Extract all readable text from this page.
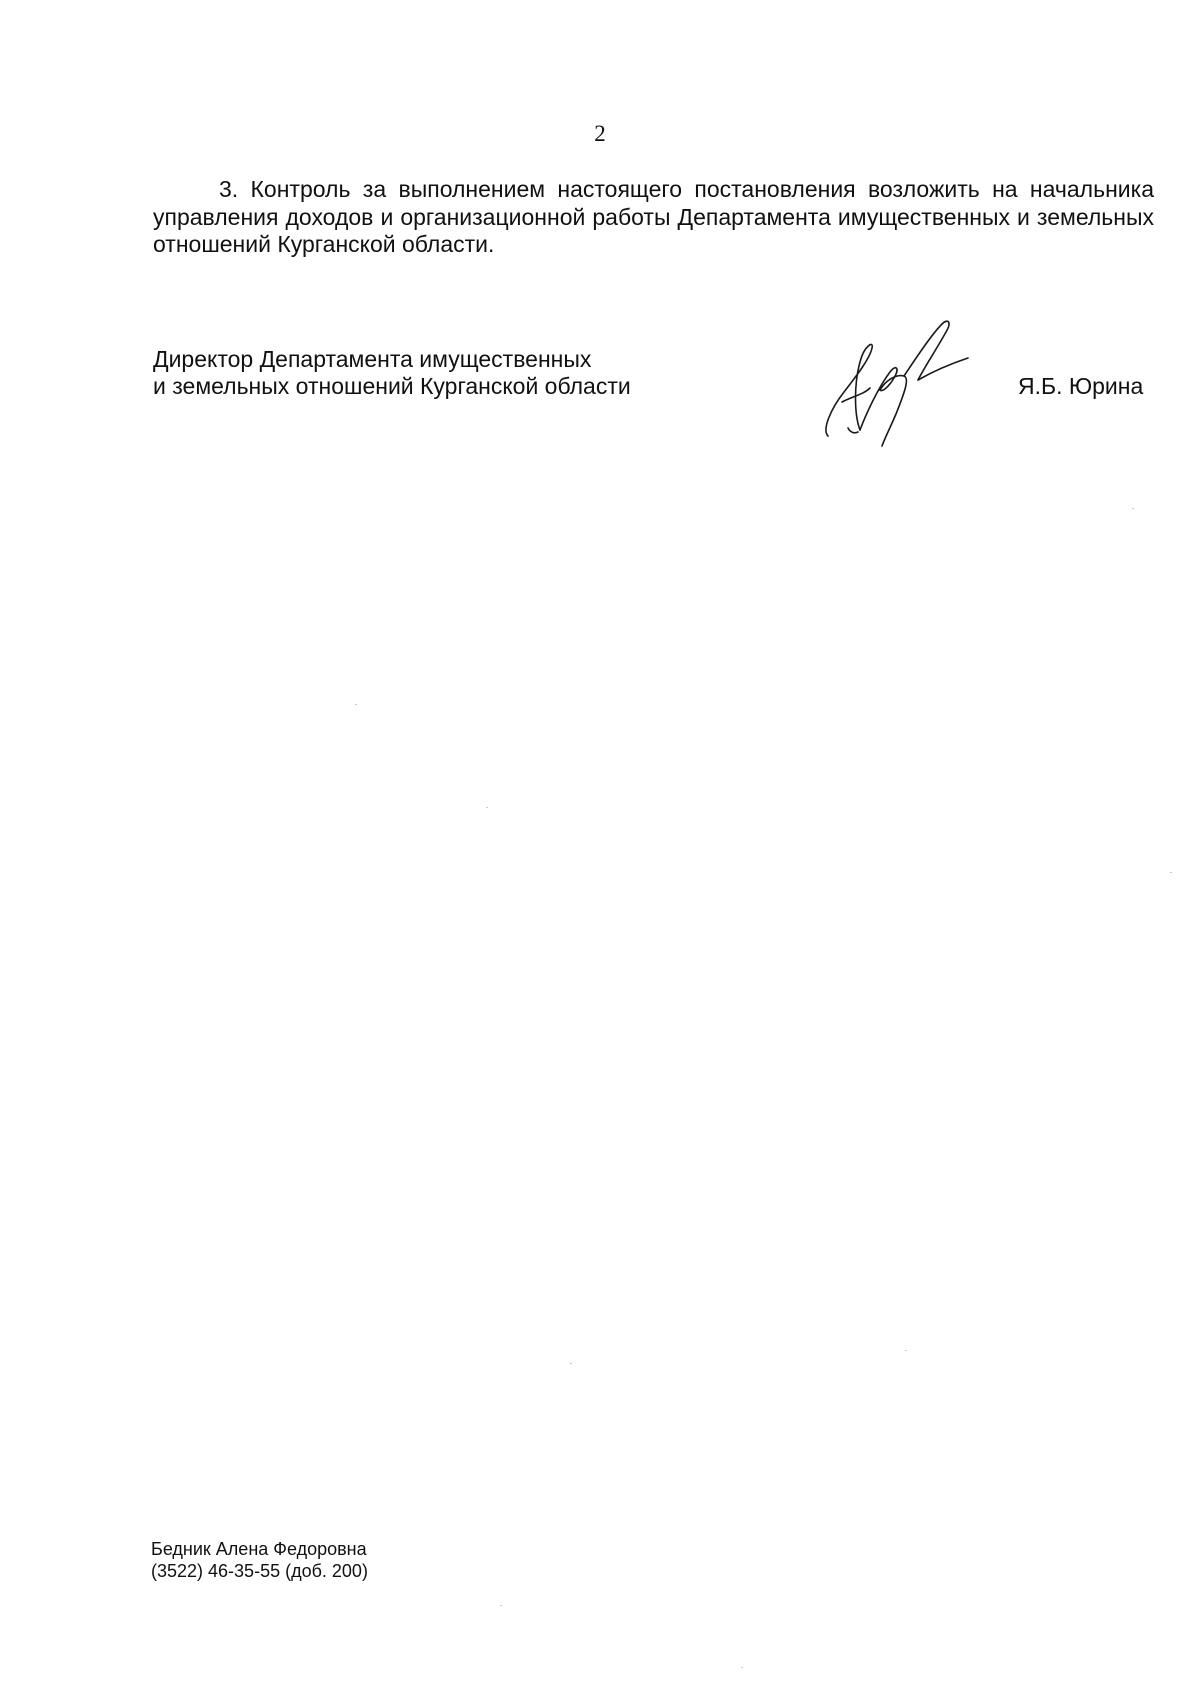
2

3. Контроль за выполнением настоящего постановления возложить на начальника управления доходов и организационной работы Департамента имущественных и земельных отношений Курганской области.

Директор Департамента имущественных
и земельных отношений Курганской области	Я.Б. Юрина
Бедник Алена Федоровна
(3522) 46-35-55 (доб. 200)
